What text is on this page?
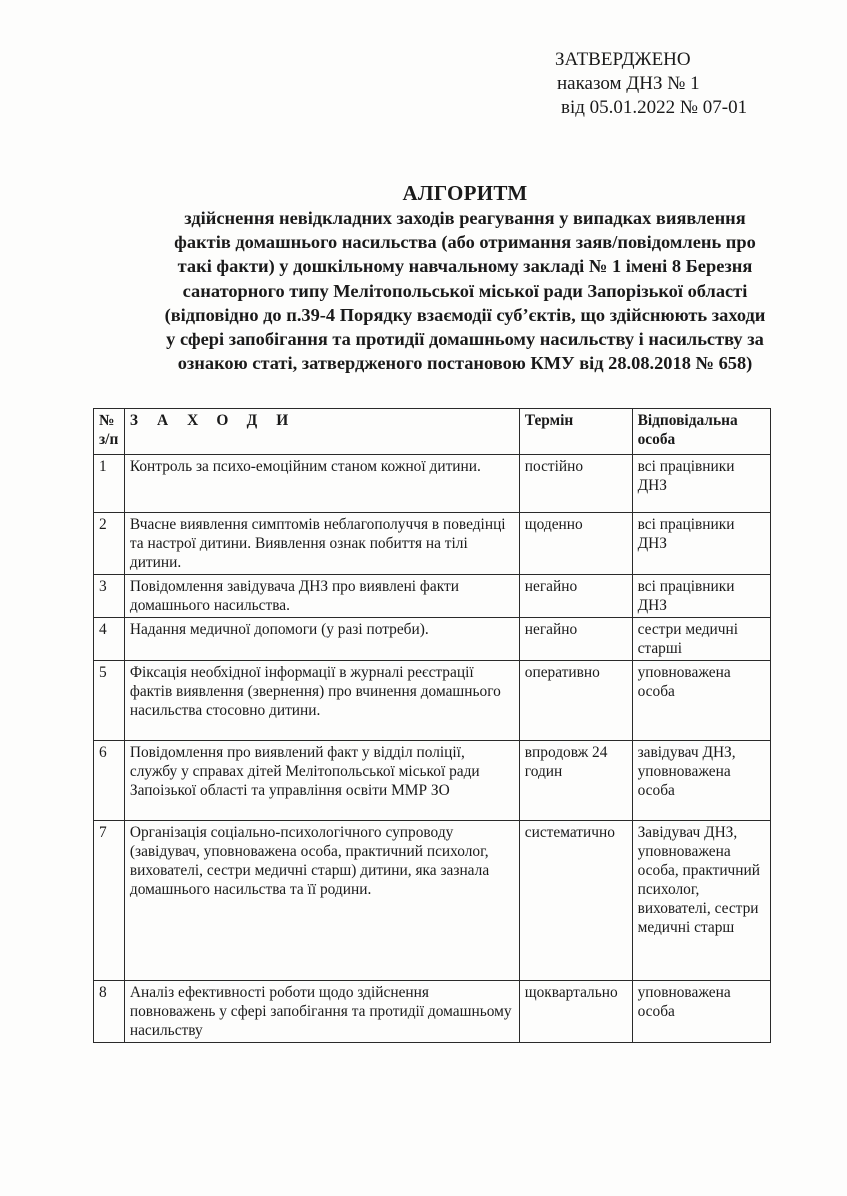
ЗАТВЕРДЖЕНО
наказом ДНЗ № 1
від 05.01.2022 № 07-01
АЛГОРИТМ
здійснення невідкладних заходів реагування у випадках виявлення
фактів домашнього насильства (або отримання заяв/повідомлень про
такі факти) у дошкільному навчальному закладі № 1 імені 8 Березня
санаторного типу Мелітопольської міської ради Запорізької області
(відповідно до п.39-4 Порядку взаємодії суб’єктів, що здійснюють заходи
у сфері запобігання та протидії домашньому насильству і насильству за
ознакою статі, затвердженого постановою КМУ від 28.08.2018 № 658)
№ з/п	ЗАХОДИ	Термін	Відповідальна особа
1	Контроль за психо-емоційним станом кожної дитини.	постійно	всі працівники ДНЗ
2	Вчасне виявлення симптомів неблагополуччя в поведінці та настрої дитини. Виявлення ознак побиття на тілі дитини.	щоденно	всі працівники ДНЗ
3	Повідомлення завідувача ДНЗ про виявлені факти домашнього насильства.	негайно	всі працівники ДНЗ
4	Надання медичної допомоги (у разі потреби).	негайно	сестри медичні старші
5	Фіксація необхідної інформації в журналі реєстрації фактів виявлення (звернення) про вчинення домашнього насильства стосовно дитини.	оперативно	уповноважена особа
6	Повідомлення про виявлений факт у відділ поліції, службу у справах дітей Мелітопольської міської ради Запоізької області та управління освіти ММР ЗО	впродовж 24 годин	завідувач ДНЗ, уповноважена особа
7	Організація соціально-психологічного супроводу (завідувач, уповноважена особа, практичний психолог, вихователі, сестри медичні старш) дитини, яка зазнала домашнього насильства та її родини.	систематично	Завідувач ДНЗ, уповноважена особа, практичний психолог, вихователі, сестри медичні старш
8	Аналіз ефективності роботи щодо здійснення повноважень у сфері запобігання та протидії домашньому насильству	щоквартально	уповноважена особа
